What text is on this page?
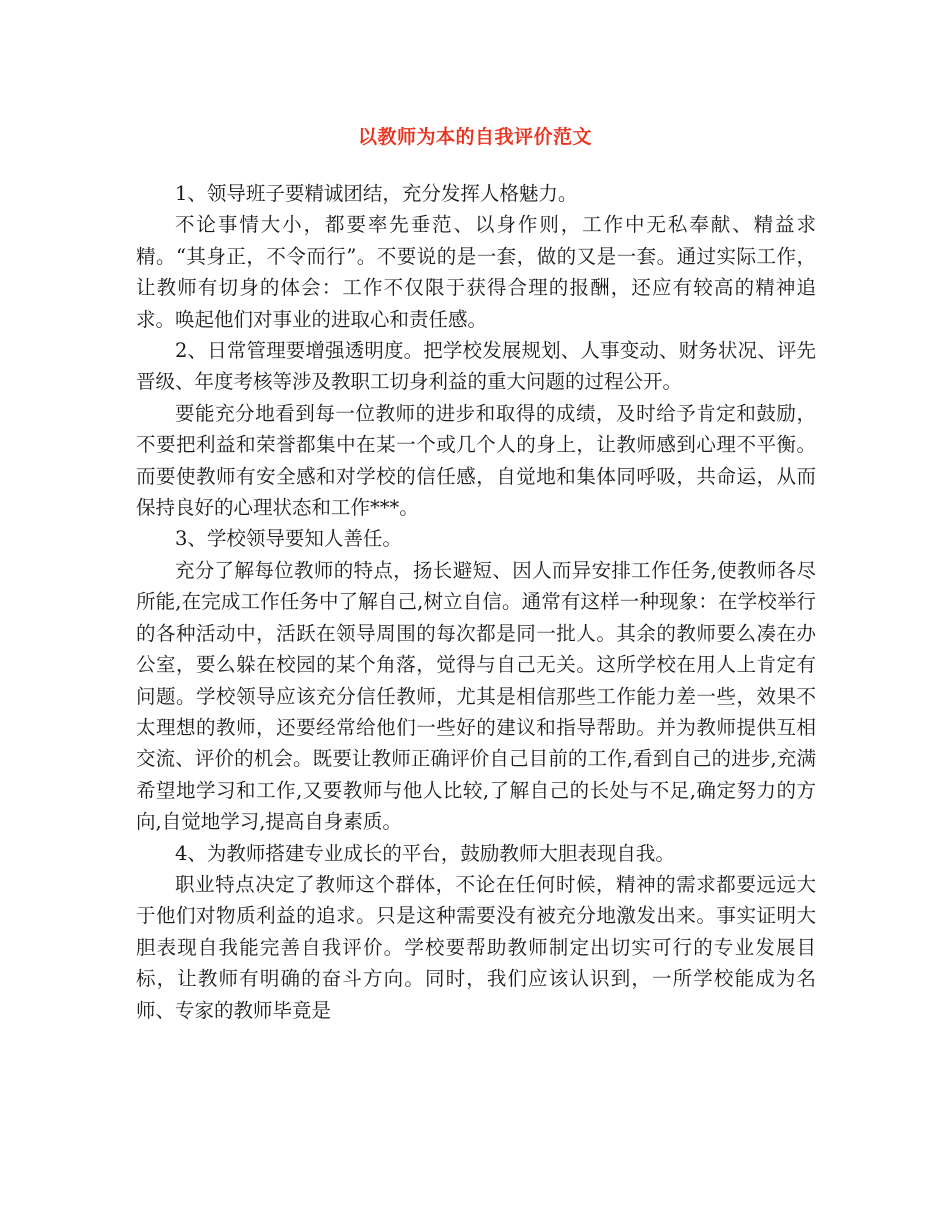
以教师为本的自我评价范文

1、领导班子要精诚团结，充分发挥人格魅力。

不论事情大小，都要率先垂范、以身作则，工作中无私奉献、精益求精。“其身正，不令而行”。不要说的是一套，做的又是一套。通过实际工作，让教师有切身的体会：工作不仅限于获得合理的报酬，还应有较高的精神追求。唤起他们对事业的进取心和责任感。

2、日常管理要增强透明度。把学校发展规划、人事变动、财务状况、评先晋级、年度考核等涉及教职工切身利益的重大问题的过程公开。

要能充分地看到每一位教师的进步和取得的成绩，及时给予肯定和鼓励，不要把利益和荣誉都集中在某一个或几个人的身上，让教师感到心理不平衡。而要使教师有安全感和对学校的信任感，自觉地和集体同呼吸，共命运，从而保持良好的心理状态和工作***。

3、学校领导要知人善任。

充分了解每位教师的特点，扬长避短、因人而异安排工作任务,使教师各尽所能,在完成工作任务中了解自己,树立自信。通常有这样一种现象：在学校举行的各种活动中，活跃在领导周围的每次都是同一批人。其余的教师要么凑在办公室，要么躲在校园的某个角落，觉得与自己无关。这所学校在用人上肯定有问题。学校领导应该充分信任教师，尤其是相信那些工作能力差一些，效果不太理想的教师，还要经常给他们一些好的建议和指导帮助。并为教师提供互相交流、评价的机会。既要让教师正确评价自己目前的工作,看到自己的进步,充满希望地学习和工作,又要教师与他人比较,了解自己的长处与不足,确定努力的方向,自觉地学习,提高自身素质。

4、为教师搭建专业成长的平台，鼓励教师大胆表现自我。

职业特点决定了教师这个群体，不论在任何时候，精神的需求都要远远大于他们对物质利益的追求。只是这种需要没有被充分地激发出来。事实证明大胆表现自我能完善自我评价。学校要帮助教师制定出切实可行的专业发展目标，让教师有明确的奋斗方向。同时，我们应该认识到，一所学校能成为名师、专家的教师毕竟是
